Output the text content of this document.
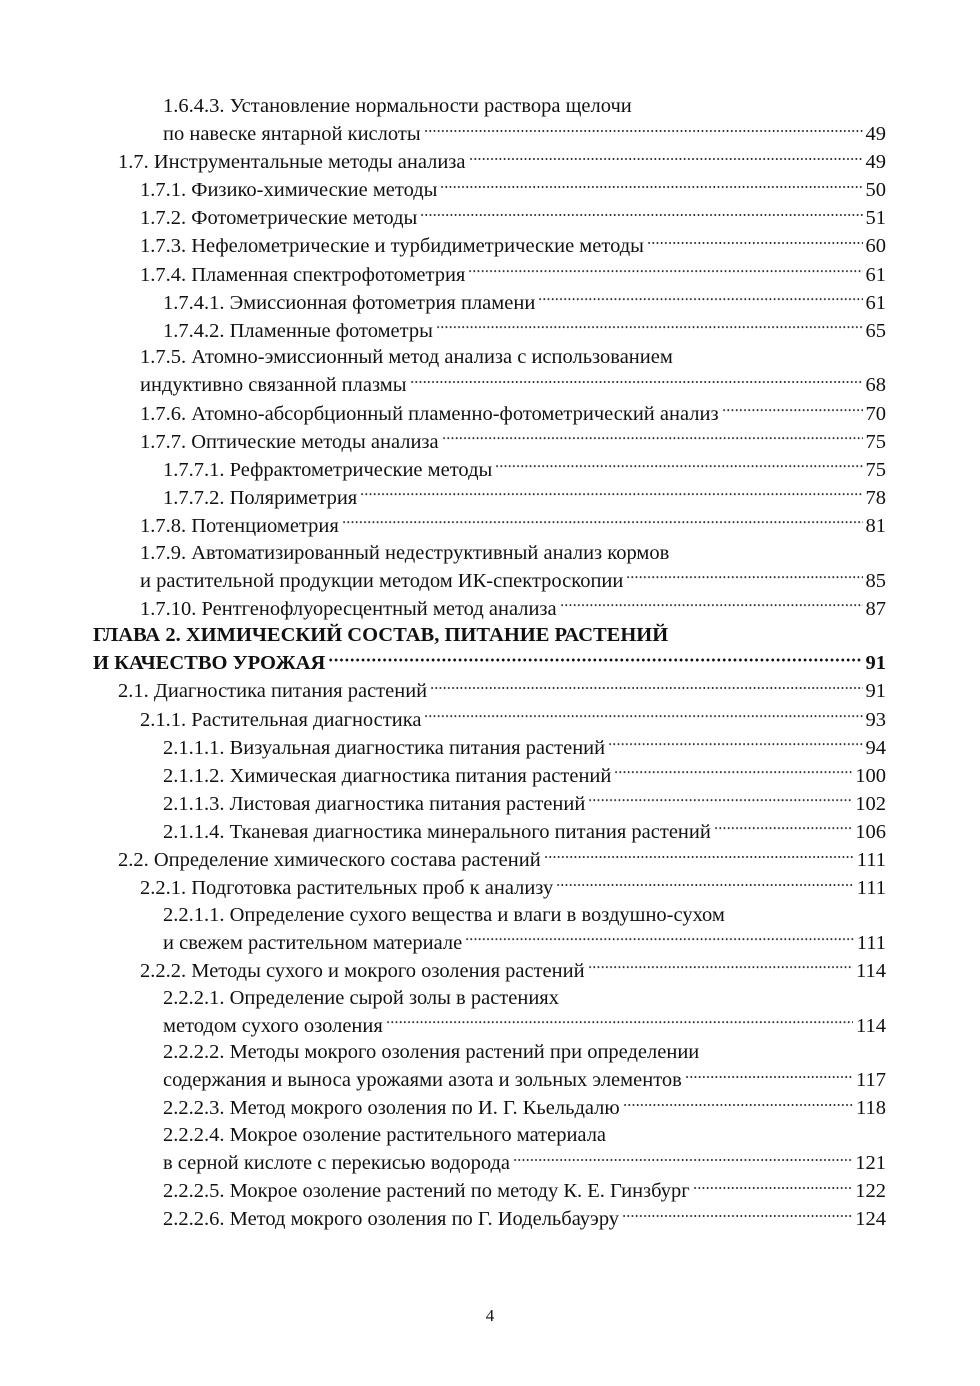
1.6.4.3. Установление нормальности раствора щелочи
по навеске янтарной кислоты	49
1.7. Инструментальные методы анализа	49
1.7.1. Физико-химические методы	50
1.7.2. Фотометрические методы	51
1.7.3. Нефелометрические и турбидиметрические методы	60
1.7.4. Пламенная спектрофотометрия	61
1.7.4.1. Эмиссионная фотометрия пламени	61
1.7.4.2. Пламенные фотометры	65
1.7.5. Атомно-эмиссионный метод анализа с использованием
индуктивно связанной плазмы	68
1.7.6. Атомно-абсорбционный пламенно-фотометрический анализ	70
1.7.7. Оптические методы анализа	75
1.7.7.1. Рефрактометрические методы	75
1.7.7.2. Поляриметрия	78
1.7.8. Потенциометрия	81
1.7.9. Автоматизированный недеструктивный анализ кормов
и растительной продукции методом ИК-спектроскопии	85
1.7.10. Рентгенофлуоресцентный метод анализа	87
ГЛАВА 2. ХИМИЧЕСКИЙ СОСТАВ, ПИТАНИЕ РАСТЕНИЙ
И КАЧЕСТВО УРОЖАЯ	91
2.1. Диагностика питания растений	91
2.1.1. Растительная диагностика	93
2.1.1.1. Визуальная диагностика питания растений	94
2.1.1.2. Химическая диагностика питания растений	100
2.1.1.3. Листовая диагностика питания растений	102
2.1.1.4. Тканевая диагностика минерального питания растений	106
2.2. Определение химического состава растений	111
2.2.1. Подготовка растительных проб к анализу	111
2.2.1.1. Определение сухого вещества и влаги в воздушно-сухом
и свежем растительном материале	111
2.2.2. Методы сухого и мокрого озоления растений	114
2.2.2.1. Определение сырой золы в растениях
методом сухого озоления	114
2.2.2.2. Методы мокрого озоления растений при определении
содержания и выноса урожаями азота и зольных элементов	117
2.2.2.3. Метод мокрого озоления по И. Г. Кьельдалю	118
2.2.2.4. Мокрое озоление растительного материала
в серной кислоте с перекисью водорода	121
2.2.2.5. Мокрое озоление растений по методу К. Е. Гинзбург	122
2.2.2.6. Метод мокрого озоления по Г. Иодельбауэру	124
4
